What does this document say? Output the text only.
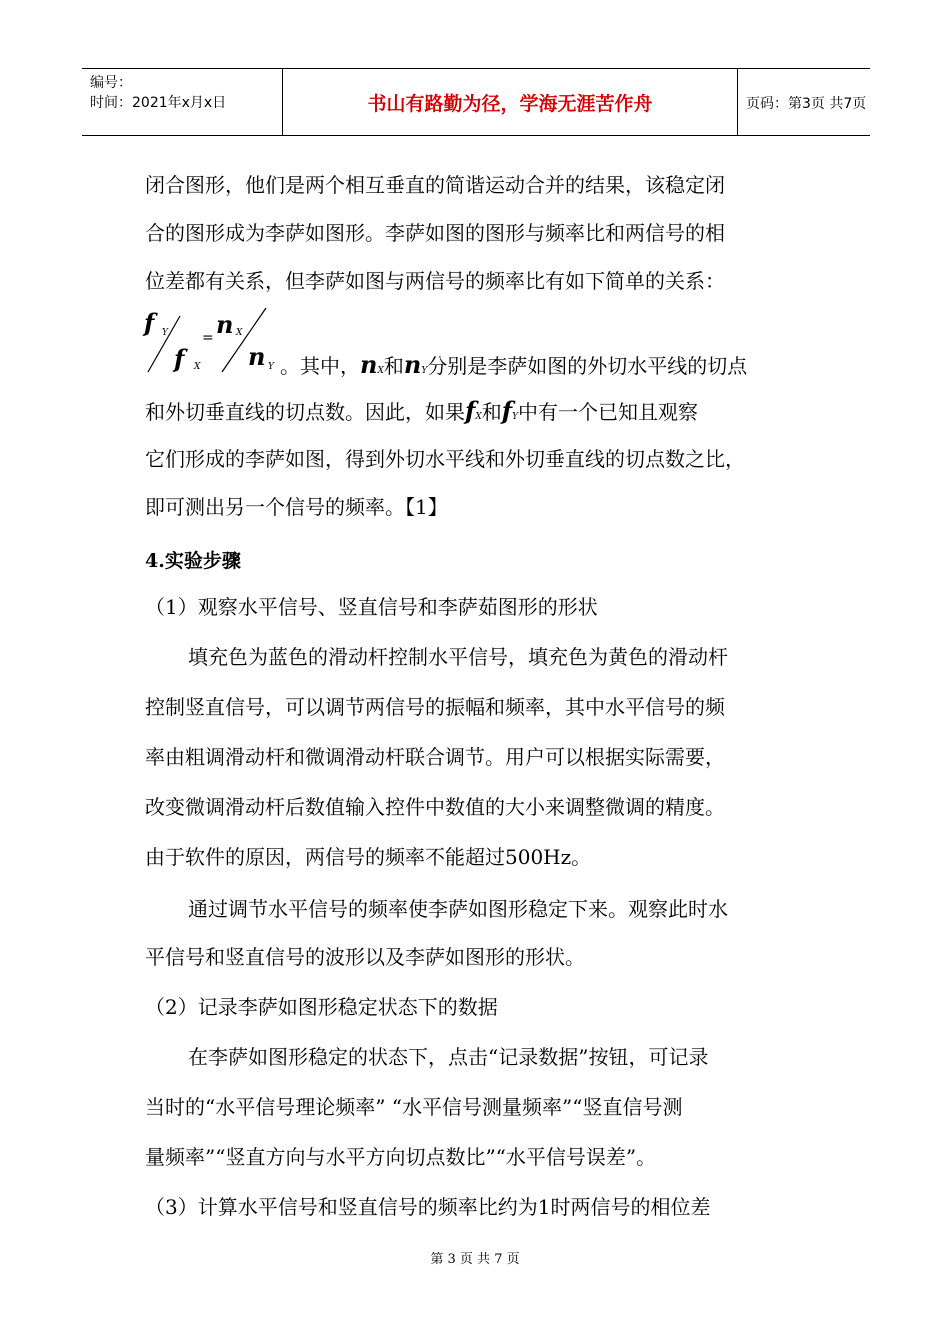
编号：
时间：2021年x月x日	书山有路勤为径，学海无涯苦作舟	页码：第3页 共7页
闭合图形，他们是两个相互垂直的简谐运动合并的结果，该稳定闭
合的图形成为李萨如图形。李萨如图的图形与频率比和两信号的相
位差都有关系，但李萨如图与两信号的频率比有如下简单的关系：
f Y
f X
= n X
n Y 。其中，nX和nY分别是李萨如图的外切水平线的切点
和外切垂直线的切点数。因此，如果fX和fY中有一个已知且观察
它们形成的李萨如图，得到外切水平线和外切垂直线的切点数之比，
即可测出另一个信号的频率。【1】
4.实验步骤
（1）观察水平信号、竖直信号和李萨茹图形的形状
填充色为蓝色的滑动杆控制水平信号，填充色为黄色的滑动杆
控制竖直信号，可以调节两信号的振幅和频率，其中水平信号的频
率由粗调滑动杆和微调滑动杆联合调节。用户可以根据实际需要，
改变微调滑动杆后数值输入控件中数值的大小来调整微调的精度。
由于软件的原因，两信号的频率不能超过500Hz。
通过调节水平信号的频率使李萨如图形稳定下来。观察此时水
平信号和竖直信号的波形以及李萨如图形的形状。
（2）记录李萨如图形稳定状态下的数据
在李萨如图形稳定的状态下，点击“记录数据”按钮，可记录
当时的“水平信号理论频率” “水平信号测量频率”“竖直信号测
量频率”“竖直方向与水平方向切点数比”“水平信号误差”。
（3）计算水平信号和竖直信号的频率比约为1时两信号的相位差
第 3 页 共 7 页
